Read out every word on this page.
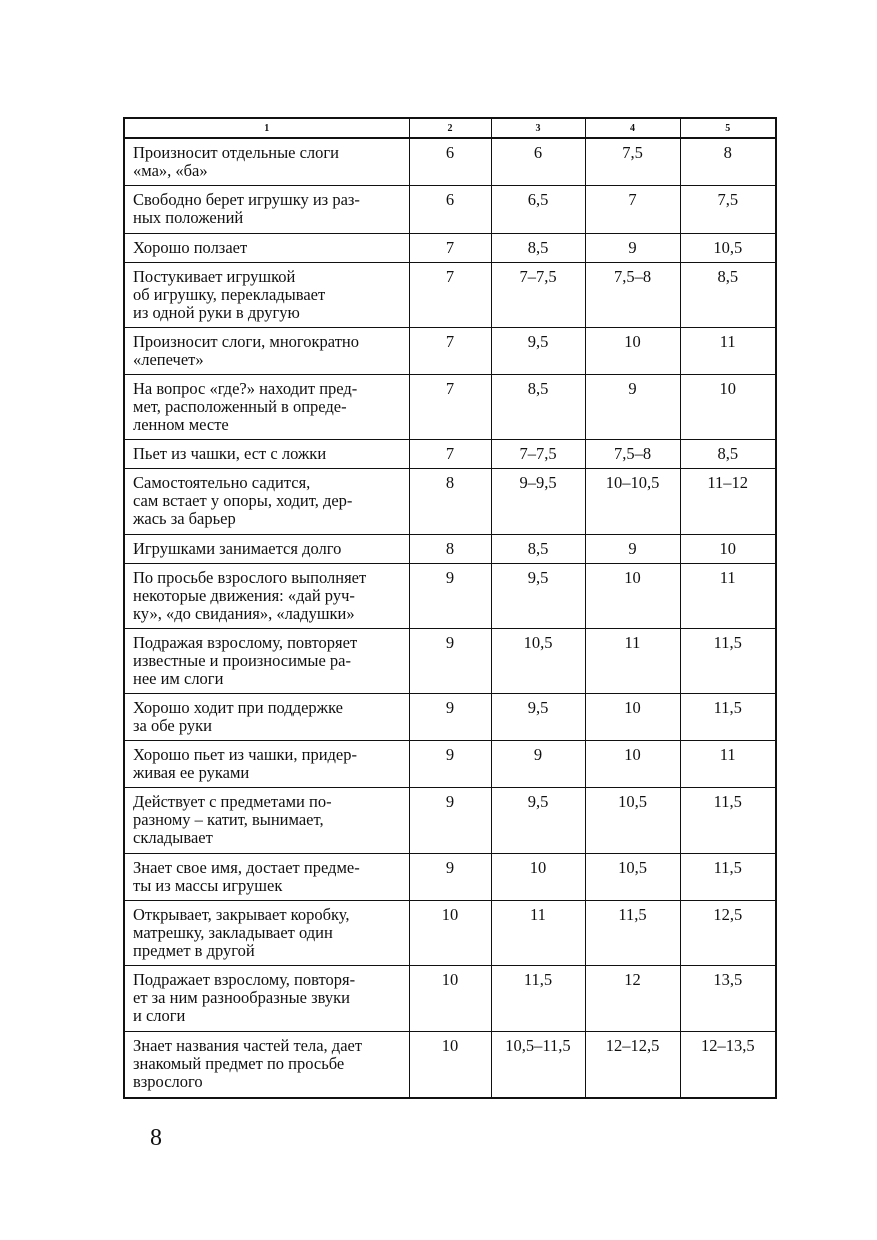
1	2	3	4	5
Произносит отдельные слоги
«ма», «ба»	6	6	7,5	8
Свободно берет игрушку из раз-
ных положений	6	6,5	7	7,5
Хорошо ползает	7	8,5	9	10,5
Постукивает игрушкой
об игрушку, перекладывает
из одной руки в другую	7	7–7,5	7,5–8	8,5
Произносит слоги, многократно
«лепечет»	7	9,5	10	11
На вопрос «где?» находит пред-
мет, расположенный в опреде-
ленном месте	7	8,5	9	10
Пьет из чашки, ест с ложки	7	7–7,5	7,5–8	8,5
Самостоятельно садится,
сам встает у опоры, ходит, дер-
жась за барьер	8	9–9,5	10–10,5	11–12
Игрушками занимается долго	8	8,5	9	10
По просьбе взрослого выполняет
некоторые движения: «дай руч-
ку», «до свидания», «ладушки»	9	9,5	10	11
Подражая взрослому, повторяет
известные и произносимые ра-
нее им слоги	9	10,5	11	11,5
Хорошо ходит при поддержке
за обе руки	9	9,5	10	11,5
Хорошо пьет из чашки, придер-
живая ее руками	9	9	10	11
Действует с предметами по-
разному – катит, вынимает,
складывает	9	9,5	10,5	11,5
Знает свое имя, достает предме-
ты из массы игрушек	9	10	10,5	11,5
Открывает, закрывает коробку,
матрешку, закладывает один
предмет в другой	10	11	11,5	12,5
Подражает взрослому, повторя-
ет за ним разнообразные звуки
и слоги	10	11,5	12	13,5
Знает названия частей тела, дает
знакомый предмет по просьбе
взрослого	10	10,5–11,5	12–12,5	12–13,5
8
